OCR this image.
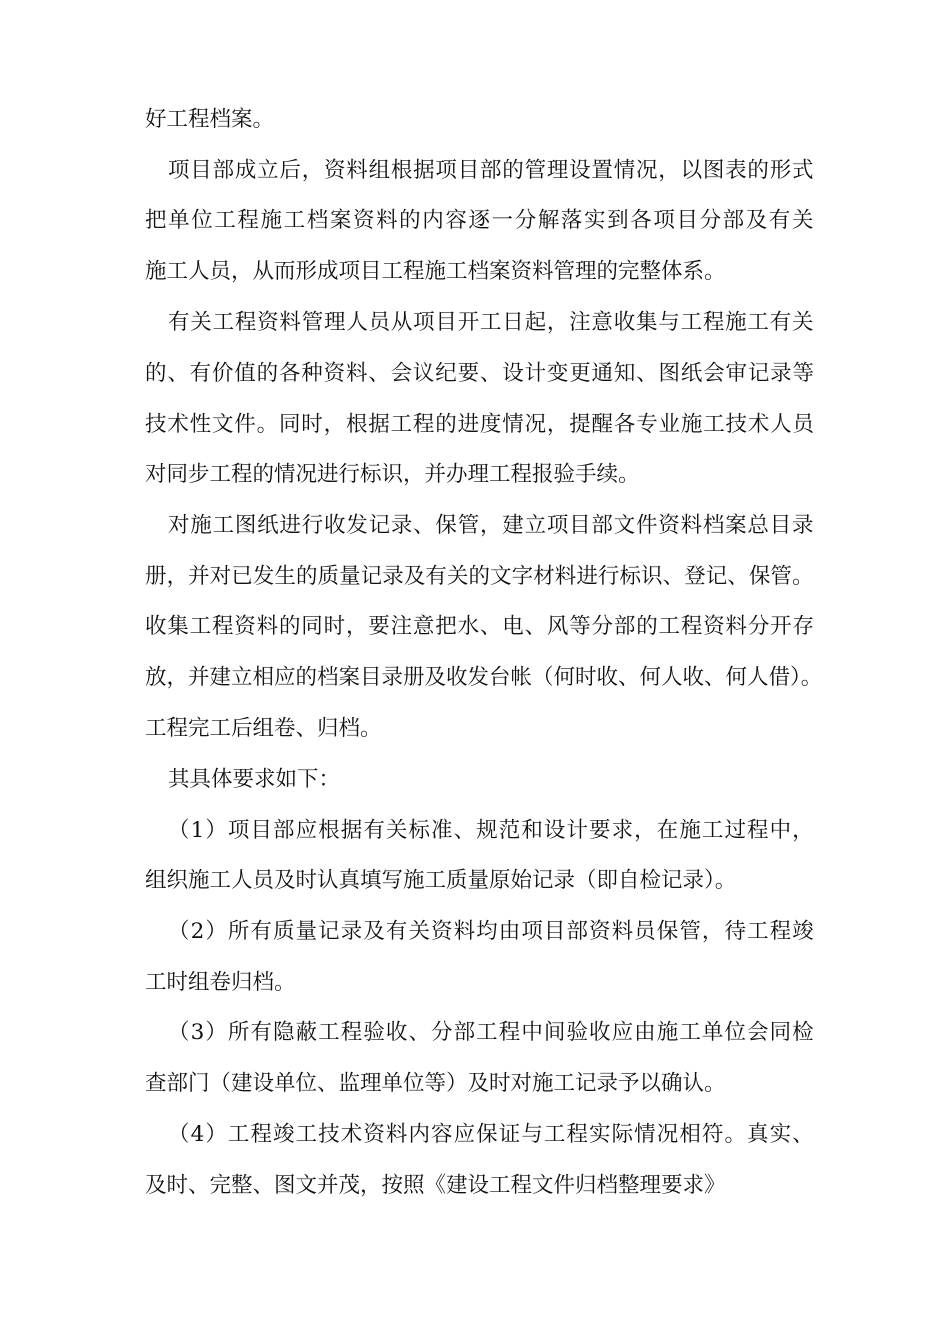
好工程档案。
项目部成立后，资料组根据项目部的管理设置情况，以图表的形式
把单位工程施工档案资料的内容逐一分解落实到各项目分部及有关
施工人员，从而形成项目工程施工档案资料管理的完整体系。
有关工程资料管理人员从项目开工日起，注意收集与工程施工有关
的、有价值的各种资料、会议纪要、设计变更通知、图纸会审记录等
技术性文件。同时，根据工程的进度情况，提醒各专业施工技术人员
对同步工程的情况进行标识，并办理工程报验手续。
对施工图纸进行收发记录、保管，建立项目部文件资料档案总目录
册，并对已发生的质量记录及有关的文字材料进行标识、登记、保管。
收集工程资料的同时，要注意把水、电、风等分部的工程资料分开存
放，并建立相应的档案目录册及收发台帐（何时收、何人收、何人借）。
工程完工后组卷、归档。
其具体要求如下：
（1）项目部应根据有关标准、规范和设计要求，在施工过程中，
组织施工人员及时认真填写施工质量原始记录（即自检记录）。
（2）所有质量记录及有关资料均由项目部资料员保管，待工程竣
工时组卷归档。
（3）所有隐蔽工程验收、分部工程中间验收应由施工单位会同检
查部门（建设单位、监理单位等）及时对施工记录予以确认。
（4）工程竣工技术资料内容应保证与工程实际情况相符。真实、
及时、完整、图文并茂，按照《建设工程文件归档整理要求》
